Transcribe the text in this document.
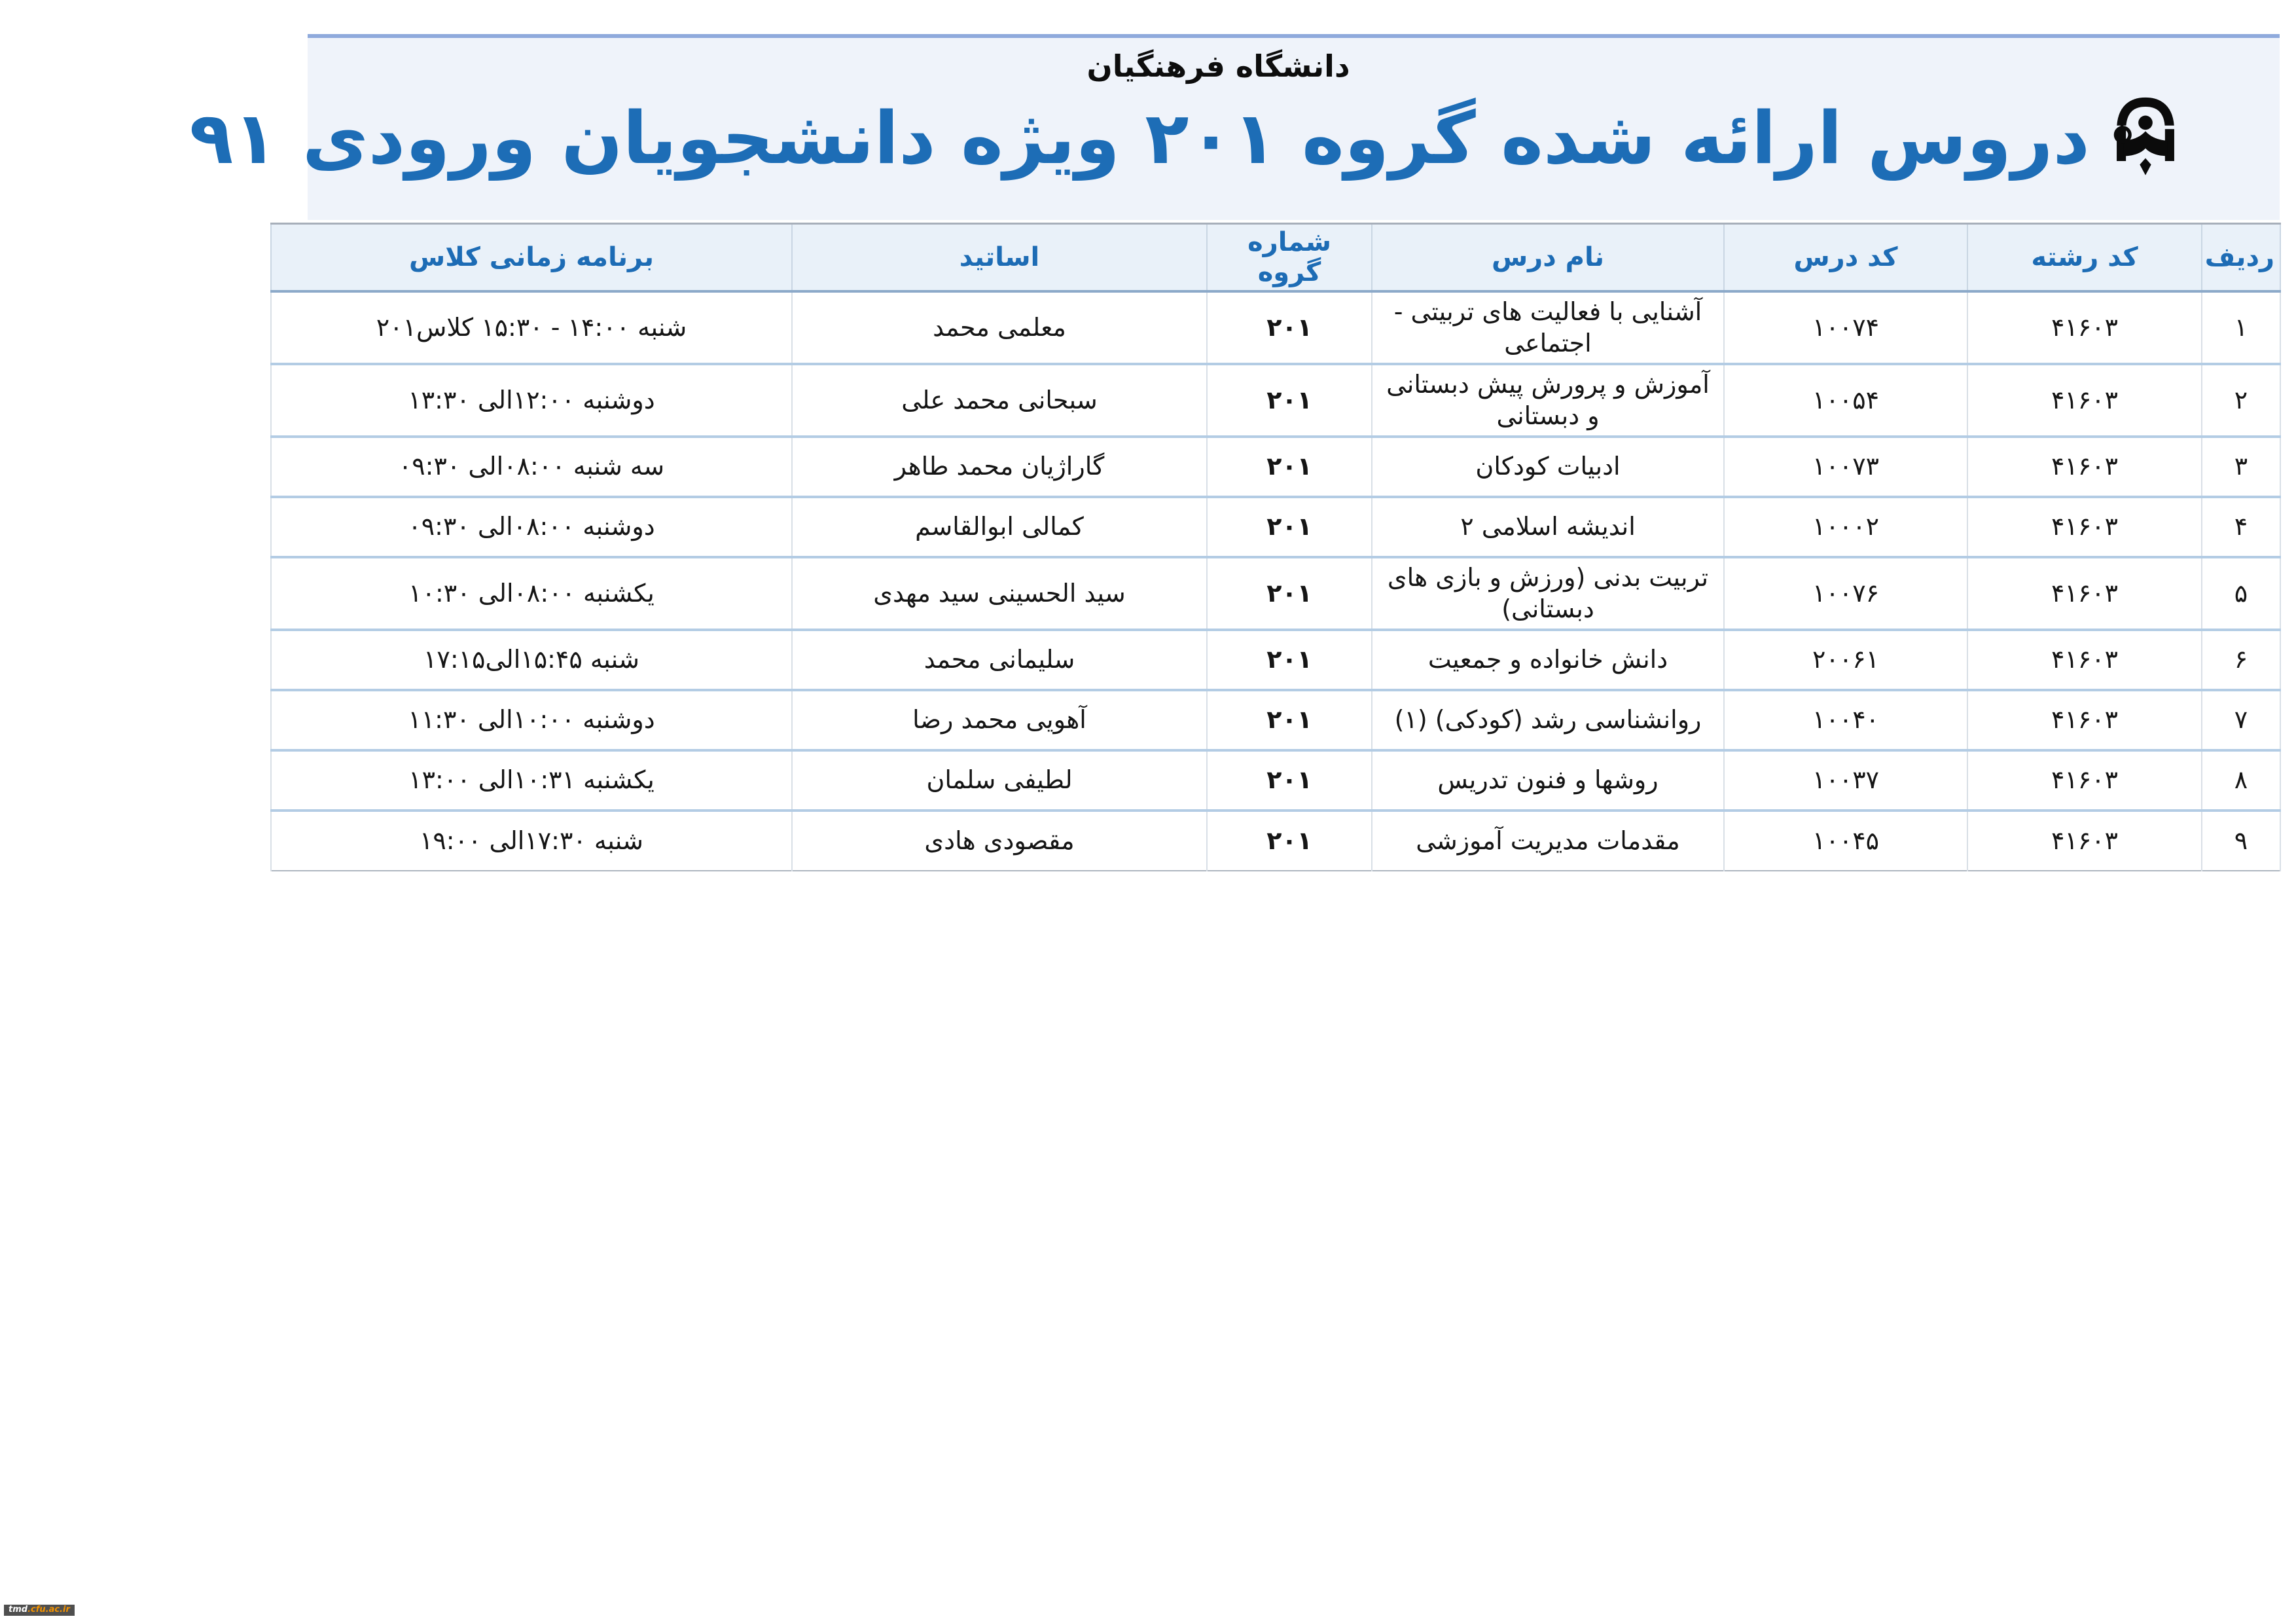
دانشگاه فرهنگیان
دروس ارائه شده گروه ۲۰۱ ویژه دانشجویان ورودی ۹۱
ردیف	کد رشته	کد درس	نام درس	شماره گروه	اساتید	برنامه زمانی کلاس
۱	۴۱۶۰۳	۱۰۰۷۴	آشنایی با فعالیت های تربیتی - اجتماعی	۲۰۱	معلمی محمد	شنبه ۱۴:۰۰ - ۱۵:۳۰ کلاس۲۰۱
۲	۴۱۶۰۳	۱۰۰۵۴	آموزش و پرورش پیش دبستانی و دبستانی	۲۰۱	سبحانی محمد علی	دوشنبه ۱۲:۰۰الی ۱۳:۳۰
۳	۴۱۶۰۳	۱۰۰۷۳	ادبیات کودکان	۲۰۱	گاراژیان محمد طاهر	سه شنبه ۰۸:۰۰الی ۰۹:۳۰
۴	۴۱۶۰۳	۱۰۰۰۲	اندیشه اسلامی ۲	۲۰۱	کمالی ابوالقاسم	دوشنبه ۰۸:۰۰الی ۰۹:۳۰
۵	۴۱۶۰۳	۱۰۰۷۶	تربیت بدنی (ورزش و بازی های دبستانی)	۲۰۱	سید الحسینی سید مهدی	یکشنبه ۰۸:۰۰الی ۱۰:۳۰
۶	۴۱۶۰۳	۲۰۰۶۱	دانش خانواده و جمعیت	۲۰۱	سلیمانی محمد	شنبه ۱۵:۴۵الی۱۷:۱۵
۷	۴۱۶۰۳	۱۰۰۴۰	روانشناسی رشد (کودکی) (۱)	۲۰۱	آهویی محمد رضا	دوشنبه ۱۰:۰۰الی ۱۱:۳۰
۸	۴۱۶۰۳	۱۰۰۳۷	روشها و فنون تدریس	۲۰۱	لطیفی سلمان	یکشنبه ۱۰:۳۱الی ۱۳:۰۰
۹	۴۱۶۰۳	۱۰۰۴۵	مقدمات مدیریت آموزشی	۲۰۱	مقصودی هادی	شنبه ۱۷:۳۰الی ۱۹:۰۰
tmd.cfu.ac.ir
